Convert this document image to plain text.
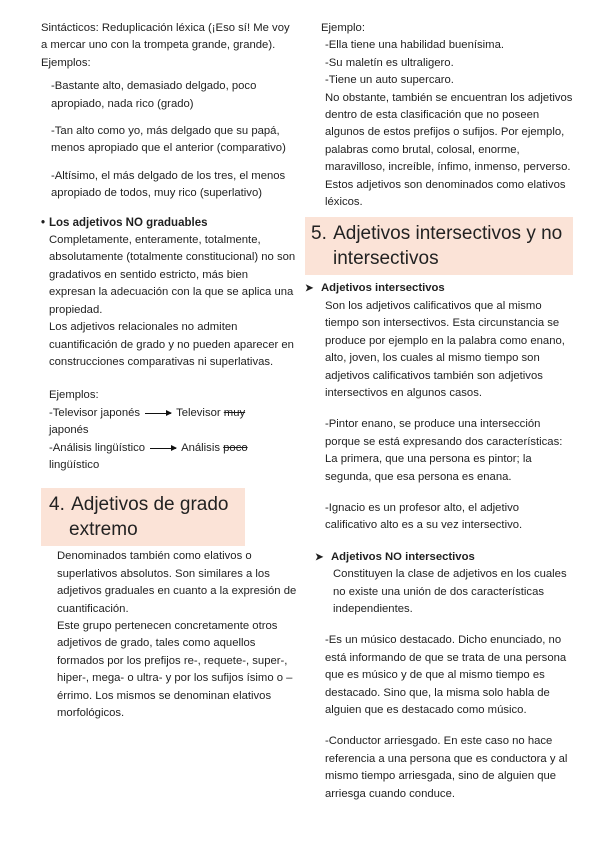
Sintácticos: Reduplicación léxica (¡Eso sí! Me voy a mercar uno con la trompeta grande, grande).

Ejemplos:

-Bastante alto, demasiado delgado, poco apropiado, nada rico (grado)

-Tan alto como yo, más delgado que su papá, menos apropiado que el anterior (comparativo)

-Altísimo, el más delgado de los tres, el menos apropiado de todos, muy rico (superlativo)

• Los adjetivos NO graduables

Completamente, enteramente, totalmente, absolutamente (totalmente constitucional) no son gradativos en sentido estricto, más bien expresan la adecuación con la que se aplica una propiedad.

Los adjetivos relacionales no admiten cuantificación de grado y no pueden aparecer en construcciones comparativas ni superlativas.

Ejemplos:

-Televisor japonés	Televisor
muy
japonés
-Análisis lingüístico	Análisis
poco
lingüístico
4. Adjetivos de grado
extremo

Denominados también como elativos o superlativos absolutos. Son similares a los adjetivos graduales en cuanto a la expresión de cuantificación.

Este grupo pertenecen concretamente otros adjetivos de grado, tales como aquellos formados por los prefijos re-, requete-, super-, hiper-, mega- o ultra- y por los sufijos ísimo o –érrimo. Los mismos se denominan elativos morfológicos.

Ejemplo:

-Ella tiene una habilidad buenísima.

-Su maletín es ultraligero.

-Tiene un auto supercaro.

No obstante, también se encuentran los adjetivos dentro de esta clasificación que no poseen algunos de estos prefijos o sufijos. Por ejemplo, palabras como brutal, colosal, enorme, maravilloso, increíble, ínfimo, inmenso, perverso. Estos adjetivos son denominados como elativos léxicos.

5. Adjetivos intersectivos y no
intersectivos

➤ Adjetivos intersectivos

Son los adjetivos calificativos que al mismo tiempo son intersectivos. Esta circunstancia se produce por ejemplo en la palabra como enano, alto, joven, los cuales al mismo tiempo son adjetivos calificativos también son adjetivos intersectivos en algunos casos.

-Pintor enano, se produce una intersección porque se está expresando dos características: La primera, que una persona es pintor; la segunda, que esa persona es enana.

-Ignacio es un profesor alto, el adjetivo calificativo alto es a su vez intersectivo.

➤ Adjetivos NO intersectivos

Constituyen la clase de adjetivos en los cuales no existe una unión de dos características independientes.

-Es un músico destacado. Dicho enunciado, no está informando de que se trata de una persona que es músico y de que al mismo tiempo es destacado. Sino que, la misma solo habla de alguien que es destacado como músico.

-Conductor arriesgado. En este caso no hace referencia a una persona que es conductora y al mismo tiempo arriesgada, sino de alguien que arriesga cuando conduce.
